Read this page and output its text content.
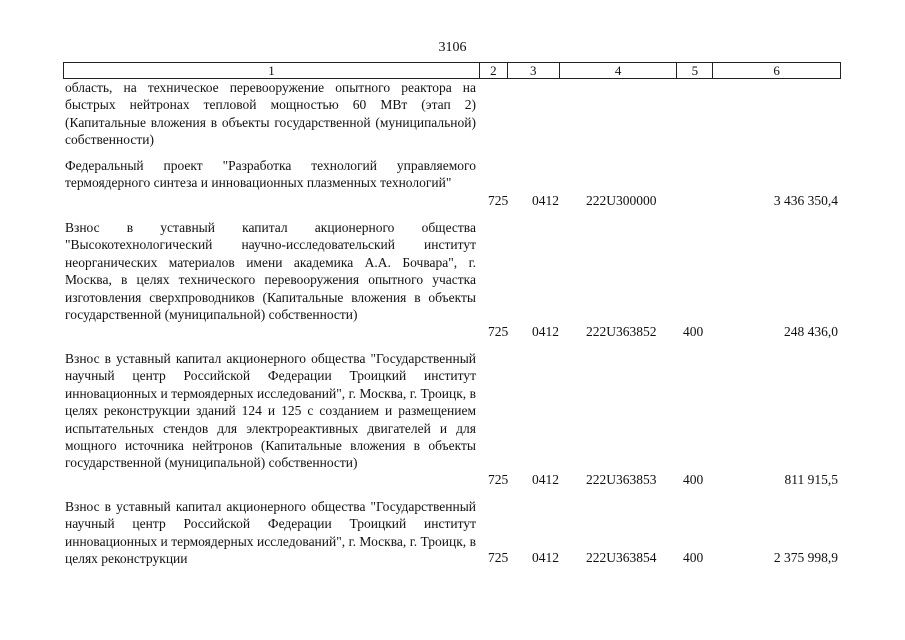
3106
1	2	3	4	5	6
область, на техническое перевооружение опытного реактора на быстрых нейтронах тепловой мощностью 60 МВт (этап 2) (Капитальные вложения в объекты государственной (муниципальной) собственности)
Федеральный проект "Разработка технологий управляемого термоядерного синтеза и инновационных плазменных технологий"
725 0412 222U300000	3 436 350,4
Взнос в уставный капитал акционерного общества "Высокотехнологический научно-исследовательский институт неорганических материалов имени академика А.А. Бочвара", г. Москва, в целях технического перевооружения опытного участка изготовления сверхпроводников (Капитальные вложения в объекты государственной (муниципальной) собственности)
725 0412 222U363852 400	248 436,0
Взнос в уставный капитал акционерного общества "Государственный научный центр Российской Федерации Троицкий институт инновационных и термоядерных исследований", г. Москва, г. Троицк, в целях реконструкции зданий 124 и 125 с созданием и размещением испытательных стендов для электрореактивных двигателей и для мощного источника нейтронов (Капитальные вложения в объекты государственной (муниципальной) собственности)
725 0412 222U363853 400	811 915,5
Взнос в уставный капитал акционерного общества "Государственный научный центр Российской Федерации Троицкий институт инновационных и термоядерных исследований", г. Москва, г. Троицк, в целях реконструкции	725 0412 222U363854 400	2 375 998,9
